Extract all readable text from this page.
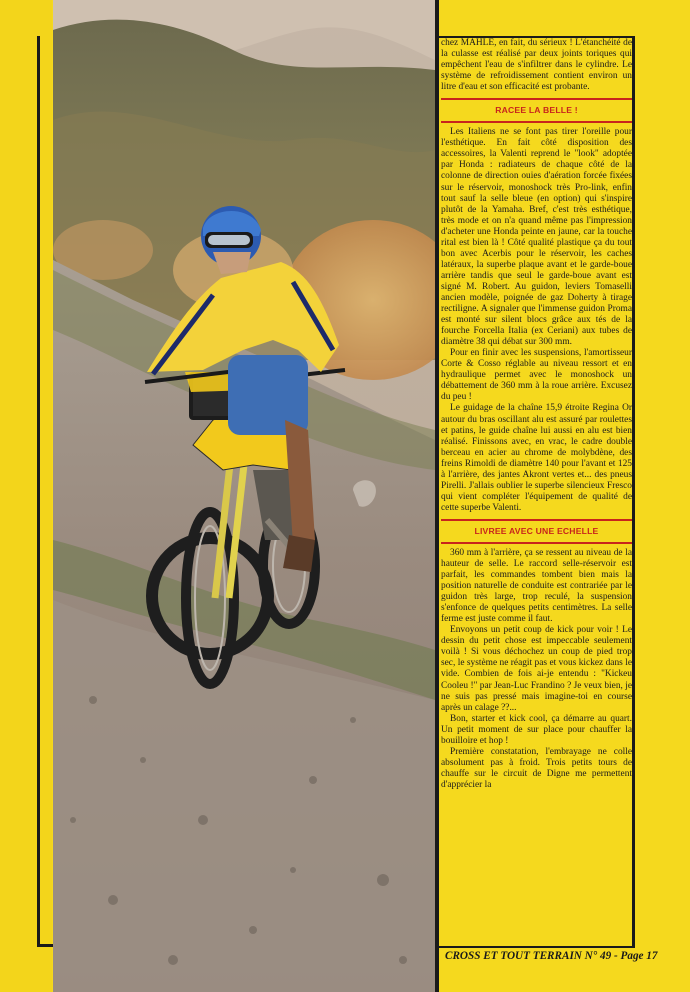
chez MAHLE, en fait, du sérieux ! L'étanchéité de la culasse est réalisé par deux joints toriques qui empêchent l'eau de s'infiltrer dans le cylindre. Le système de refroidissement contient environ un litre d'eau et son efficacité est probante.

RACEE LA BELLE !

Les Italiens ne se font pas tirer l'oreille pour l'esthétique. En fait côté disposition des accessoires, la Valenti reprend le "look" adoptée par Honda : radiateurs de chaque côté de la colonne de direction ouies d'aération forcée fixées sur le réservoir, monoshock très Pro-link, enfin tout sauf la selle bleue (en option) qui s'inspire plutôt de la Yamaha. Bref, c'est très esthétique, très mode et on n'a quand même pas l'impression d'acheter une Honda peinte en jaune, car la touche rital est bien là ! Côté qualité plastique ça du tout bon avec Acerbis pour le réservoir, les caches latéraux, la superbe plaque avant et le garde-boue arrière tandis que seul le garde-boue avant est signé M. Robert. Au guidon, leviers Tomaselli ancien modèle, poignée de gaz Doherty à tirage rectiligne. A signaler que l'immense guidon Proma est monté sur silent blocs grâce aux tés de la fourche Forcella Italia (ex Ceriani) aux tubes de diamètre 38 qui débat sur 300 mm.

Pour en finir avec les suspensions, l'amortisseur Corte & Cosso réglable au niveau ressort et en hydraulique permet avec le monoshock un débattement de 360 mm à la roue arrière. Excusez du peu !

Le guidage de la chaîne 15,9 étroite Regina Or autour du bras oscillant alu est assuré par roulettes et patins, le guide chaîne lui aussi en alu est bien réalisé. Finissons avec, en vrac, le cadre double berceau en acier au chrome de molybdène, des freins Rimoldi de diamètre 140 pour l'avant et 125 à l'arrière, des jantes Akront vertes et... des pneus Pirelli. J'allais oublier le superbe silencieux Fresco qui vient compléter l'équipement de qualité de cette superbe Valenti.

LIVREE AVEC UNE ECHELLE

360 mm à l'arrière, ça se ressent au niveau de la hauteur de selle. Le raccord selle-réservoir est parfait, les commandes tombent bien mais la position naturelle de conduite est contrariée par le guidon très large, trop reculé, la suspension s'enfonce de quelques petits centimètres. La selle ferme est juste comme il faut.

Envoyons un petit coup de kick pour voir ! Le dessin du petit chose est impeccable seulement voilà ! Si vous déchochez un coup de pied trop sec, le système ne réagit pas et vous kickez dans le vide. Combien de fois ai-je entendu : "Kickeu Cooleu !" par Jean-Luc Frandino ? Je veux bien, je ne suis pas pressé mais imagine-toi en course après un calage ??...

Bon, starter et kick cool, ça démarre au quart. Un petit moment de sur place pour chauffer la bouilloire et hop !

Première constatation, l'embrayage ne colle absolument pas à froid. Trois petits tours de chauffe sur le circuit de Digne me permettent d'apprécier la

CROSS ET TOUT TERRAIN N° 49 - Page 17
